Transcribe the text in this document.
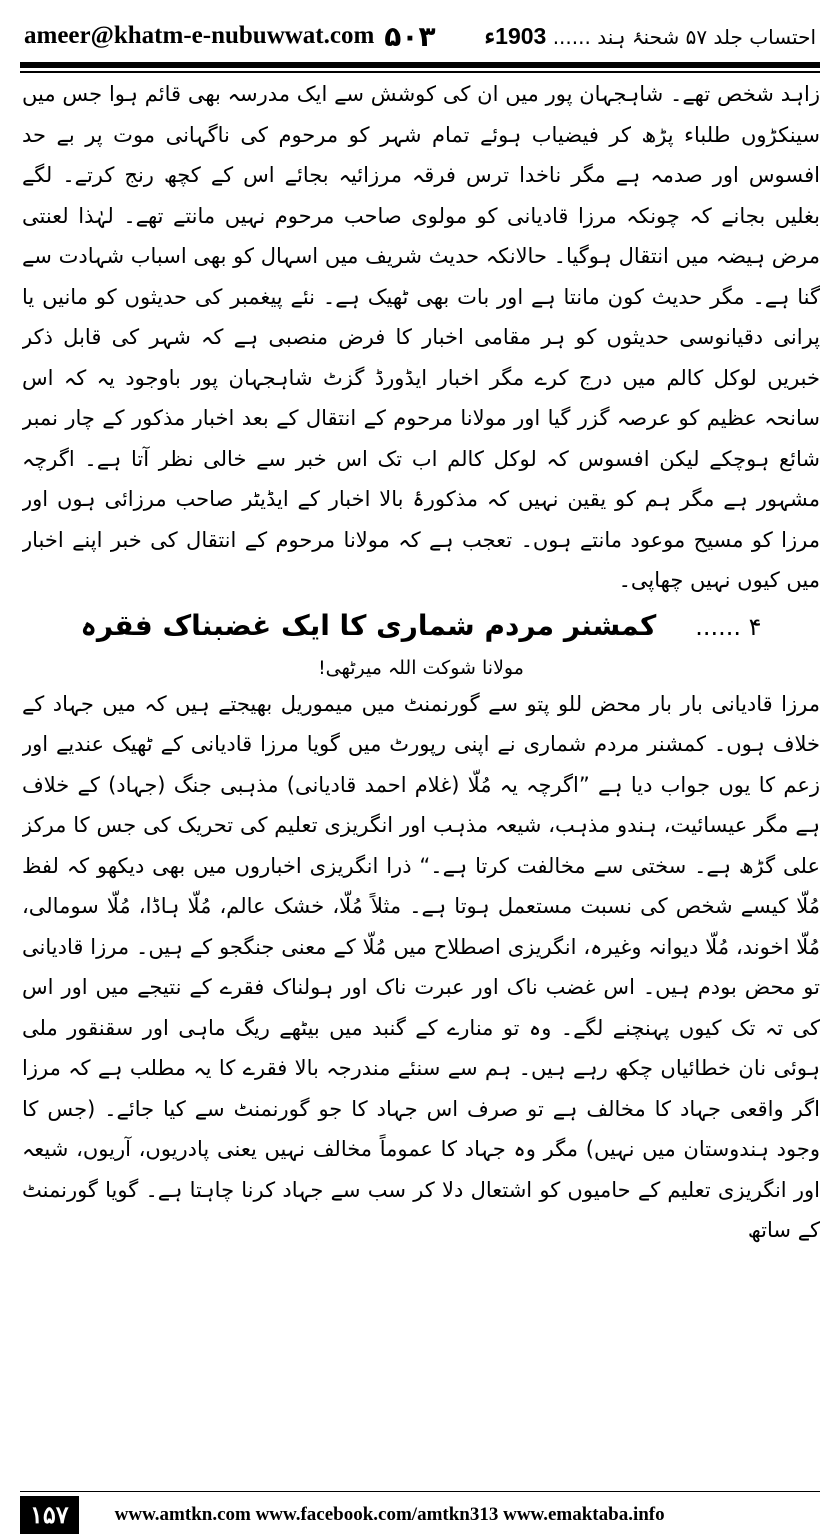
ameer@khatm-e-nubuwwat.com ۵۰۳	احتساب جلد ۵۷ شحنۂ ہند ...... 1903ء

زاہد شخص تھے۔ شاہجہان پور میں ان کی کوشش سے ایک مدرسہ بھی قائم ہوا جس میں سینکڑوں طلباء پڑھ کر فیضیاب ہوئے تمام شہر کو مرحوم کی ناگہانی موت پر بے حد افسوس اور صدمہ ہے مگر ناخدا ترس فرقہ مرزائیہ بجائے اس کے کچھ رنج کرتے۔ لگے بغلیں بجانے کہ چونکہ مرزا قادیانی کو مولوی صاحب مرحوم نہیں مانتے تھے۔ لہٰذا لعنتی مرض ہیضہ میں انتقال ہوگیا۔ حالانکہ حدیث شریف میں اسہال کو بھی اسباب شہادت سے گنا ہے۔ مگر حدیث کون مانتا ہے اور بات بھی ٹھیک ہے۔ نئے پیغمبر کی حدیثوں کو مانیں یا پرانی دقیانوسی حدیثوں کو ہر مقامی اخبار کا فرض منصبی ہے کہ شہر کی قابل ذکر خبریں لوکل کالم میں درج کرے مگر اخبار ایڈورڈ گزٹ شاہجہان پور باوجود یہ کہ اس سانحہ عظیم کو عرصہ گزر گیا اور مولانا مرحوم کے انتقال کے بعد اخبار مذکور کے چار نمبر شائع ہوچکے لیکن افسوس کہ لوکل کالم اب تک اس خبر سے خالی نظر آتا ہے۔ اگرچہ مشہور ہے مگر ہم کو یقین نہیں کہ مذکورۂ بالا اخبار کے ایڈیٹر صاحب مرزائی ہوں اور مرزا کو مسیح موعود مانتے ہوں۔ تعجب ہے کہ مولانا مرحوم کے انتقال کی خبر اپنے اخبار میں کیوں نہیں چھاپی۔

۴ ......    کمشنر مردم شماری کا ایک غضبناک فقرہ

مولانا شوکت اللہ میرٹھی!

مرزا قادیانی بار بار محض للو پتو سے گورنمنٹ میں میموریل بھیجتے ہیں کہ میں جہاد کے خلاف ہوں۔ کمشنر مردم شماری نے اپنی رپورٹ میں گویا مرزا قادیانی کے ٹھیک عندیے اور زعم کا یوں جواب دیا ہے ”اگرچہ یہ مُلّا (غلام احمد قادیانی) مذہبی جنگ (جہاد) کے خلاف ہے مگر عیسائیت، ہندو مذہب، شیعہ مذہب اور انگریزی تعلیم کی تحریک کی جس کا مرکز علی گڑھ ہے۔ سختی سے مخالفت کرتا ہے۔“ ذرا انگریزی اخباروں میں بھی دیکھو کہ لفظ مُلّا کیسے شخص کی نسبت مستعمل ہوتا ہے۔ مثلاً مُلّا، خشک عالم، مُلّا ہاڈا، مُلّا سومالی، مُلّا اخوند، مُلّا دیوانہ وغیرہ، انگریزی اصطلاح میں مُلّا کے معنی جنگجو کے ہیں۔ مرزا قادیانی تو محض بودم ہیں۔ اس غضب ناک اور عبرت ناک اور ہولناک فقرے کے نتیجے میں اور اس کی تہ تک کیوں پہنچنے لگے۔ وہ تو منارے کے گنبد میں بیٹھے ریگ ماہی اور سقنقور ملی ہوئی نان خطائیاں چکھ رہے ہیں۔ ہم سے سنئے مندرجہ بالا فقرے کا یہ مطلب ہے کہ مرزا اگر واقعی جہاد کا مخالف ہے تو صرف اس جہاد کا جو گورنمنٹ سے کیا جائے۔ (جس کا وجود ہندوستان میں نہیں) مگر وہ جہاد کا عموماً مخالف نہیں یعنی پادریوں، آریوں، شیعہ اور انگریزی تعلیم کے حامیوں کو اشتعال دلا کر سب سے جہاد کرنا چاہتا ہے۔ گویا گورنمنٹ کے ساتھ

۱۵۷	www.amtkn.com www.facebook.com/amtkn313 www.emaktaba.info
